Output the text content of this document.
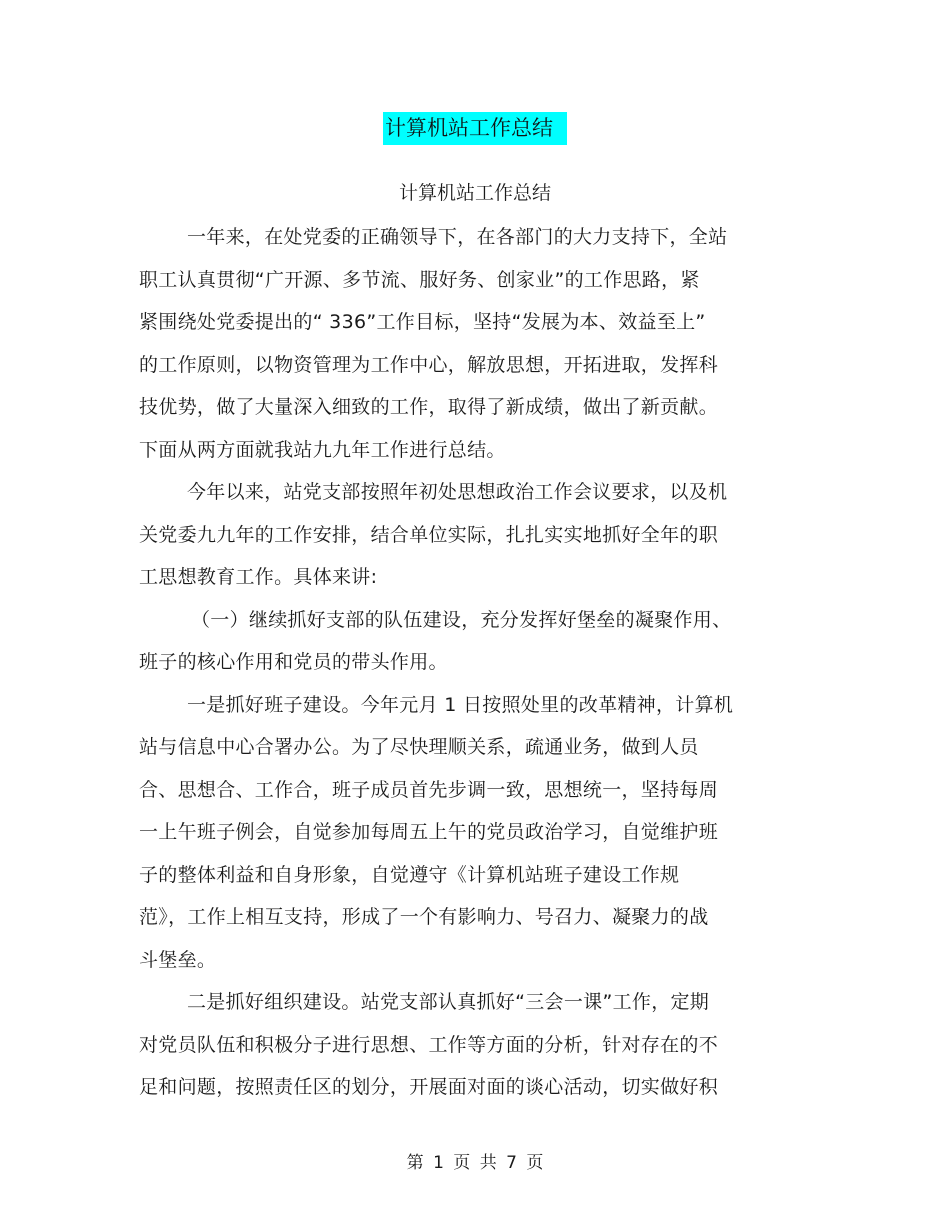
计算机站工作总结
计算机站工作总结
一年来，在处党委的正确领导下，在各部门的大力支持下，全站
职工认真贯彻“广开源、多节流、服好务、创家业”的工作思路，紧
紧围绕处党委提出的“ 336”工作目标，坚持“发展为本、效益至上”
的工作原则，以物资管理为工作中心，解放思想，开拓进取，发挥科
技优势，做了大量深入细致的工作，取得了新成绩，做出了新贡献。
下面从两方面就我站九九年工作进行总结。
今年以来，站党支部按照年初处思想政治工作会议要求，以及机
关党委九九年的工作安排，结合单位实际，扎扎实实地抓好全年的职
工思想教育工作。具体来讲:
（一）继续抓好支部的队伍建设，充分发挥好堡垒的凝聚作用、
班子的核心作用和党员的带头作用。
一是抓好班子建设。今年元月 1 日按照处里的改革精神，计算机
站与信息中心合署办公。为了尽快理顺关系，疏通业务，做到人员
合、思想合、工作合，班子成员首先步调一致，思想统一，坚持每周
一上午班子例会，自觉参加每周五上午的党员政治学习，自觉维护班
子的整体利益和自身形象，自觉遵守《计算机站班子建设工作规
范》，工作上相互支持，形成了一个有影响力、号召力、凝聚力的战
斗堡垒。
二是抓好组织建设。站党支部认真抓好“三会一课”工作，定期
对党员队伍和积极分子进行思想、工作等方面的分析，针对存在的不
足和问题，按照责任区的划分，开展面对面的谈心活动，切实做好积
第 1 页 共 7 页
